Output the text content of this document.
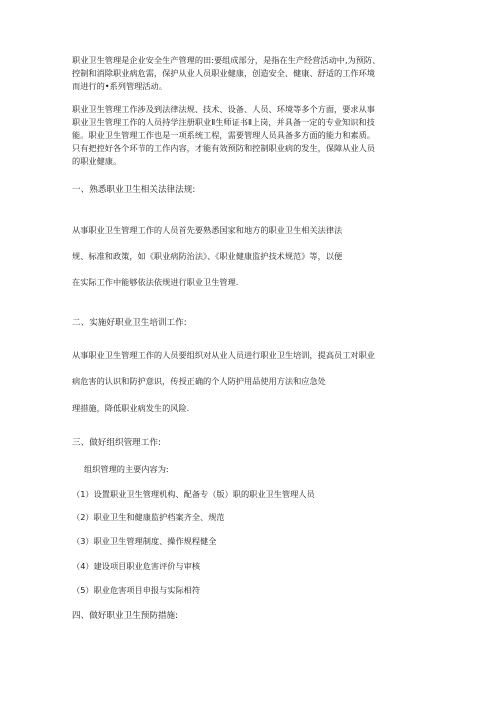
职业卫生管理是企业安全生产管理的田:要组成部分，是指在生产经营活动中,为预防、
控制和消除职业病危需，保护从业人员职业健康，创造安全、健康、舒适的工作环境
而进行的•系列管理活动。
职业卫生管理工作涉及到法律法规、技术、设备、人员、环境等多个方面，要求从事
职业卫生管理工作的人员持学注册职业Ⅱ生师证书Ⅱ上岗，并具备一定的专业知识和技
能。职业卫生管理工作也是一项系统工程，需要管理人员具备多方面的能力和素质。
只有把控好各个环节的工作内容，才能有效预防和控制职业病的发生，保障从业人员
的职业健康。
一、熟悉职业卫生相关法律法规:
从事职业卫生管理工作的人员首先要熟悉国家和地方的职业卫生相关法律法
规、标准和政策，如《职业病防治法》、《职业健康监护技术规范》等，以便
在实际工作中能够依法依规进行职业卫生管理.
二、实施好职业卫生培训工作:
从事职业卫生管理工作的人员要组织对从业人员进行职业卫生培训，提高员工对职业
病危害的认识和防护意识，传授正确的个人防护用品使用方法和应急处
理措施，降低职业病发生的风险.
三、做好组织管理工作:
组织管理的主要内容为:
（1）设置职业卫生管理机构、配备专（版）职的职业卫生管理人员
（2）职业卫生和健康监护档案齐全、规范
（3）职业卫生管理制度、操作规程健全
（4）建设项目职业危害评价与审核
（5）职业危害项目申报与实际相符
四、做好职业卫生预防措施:
